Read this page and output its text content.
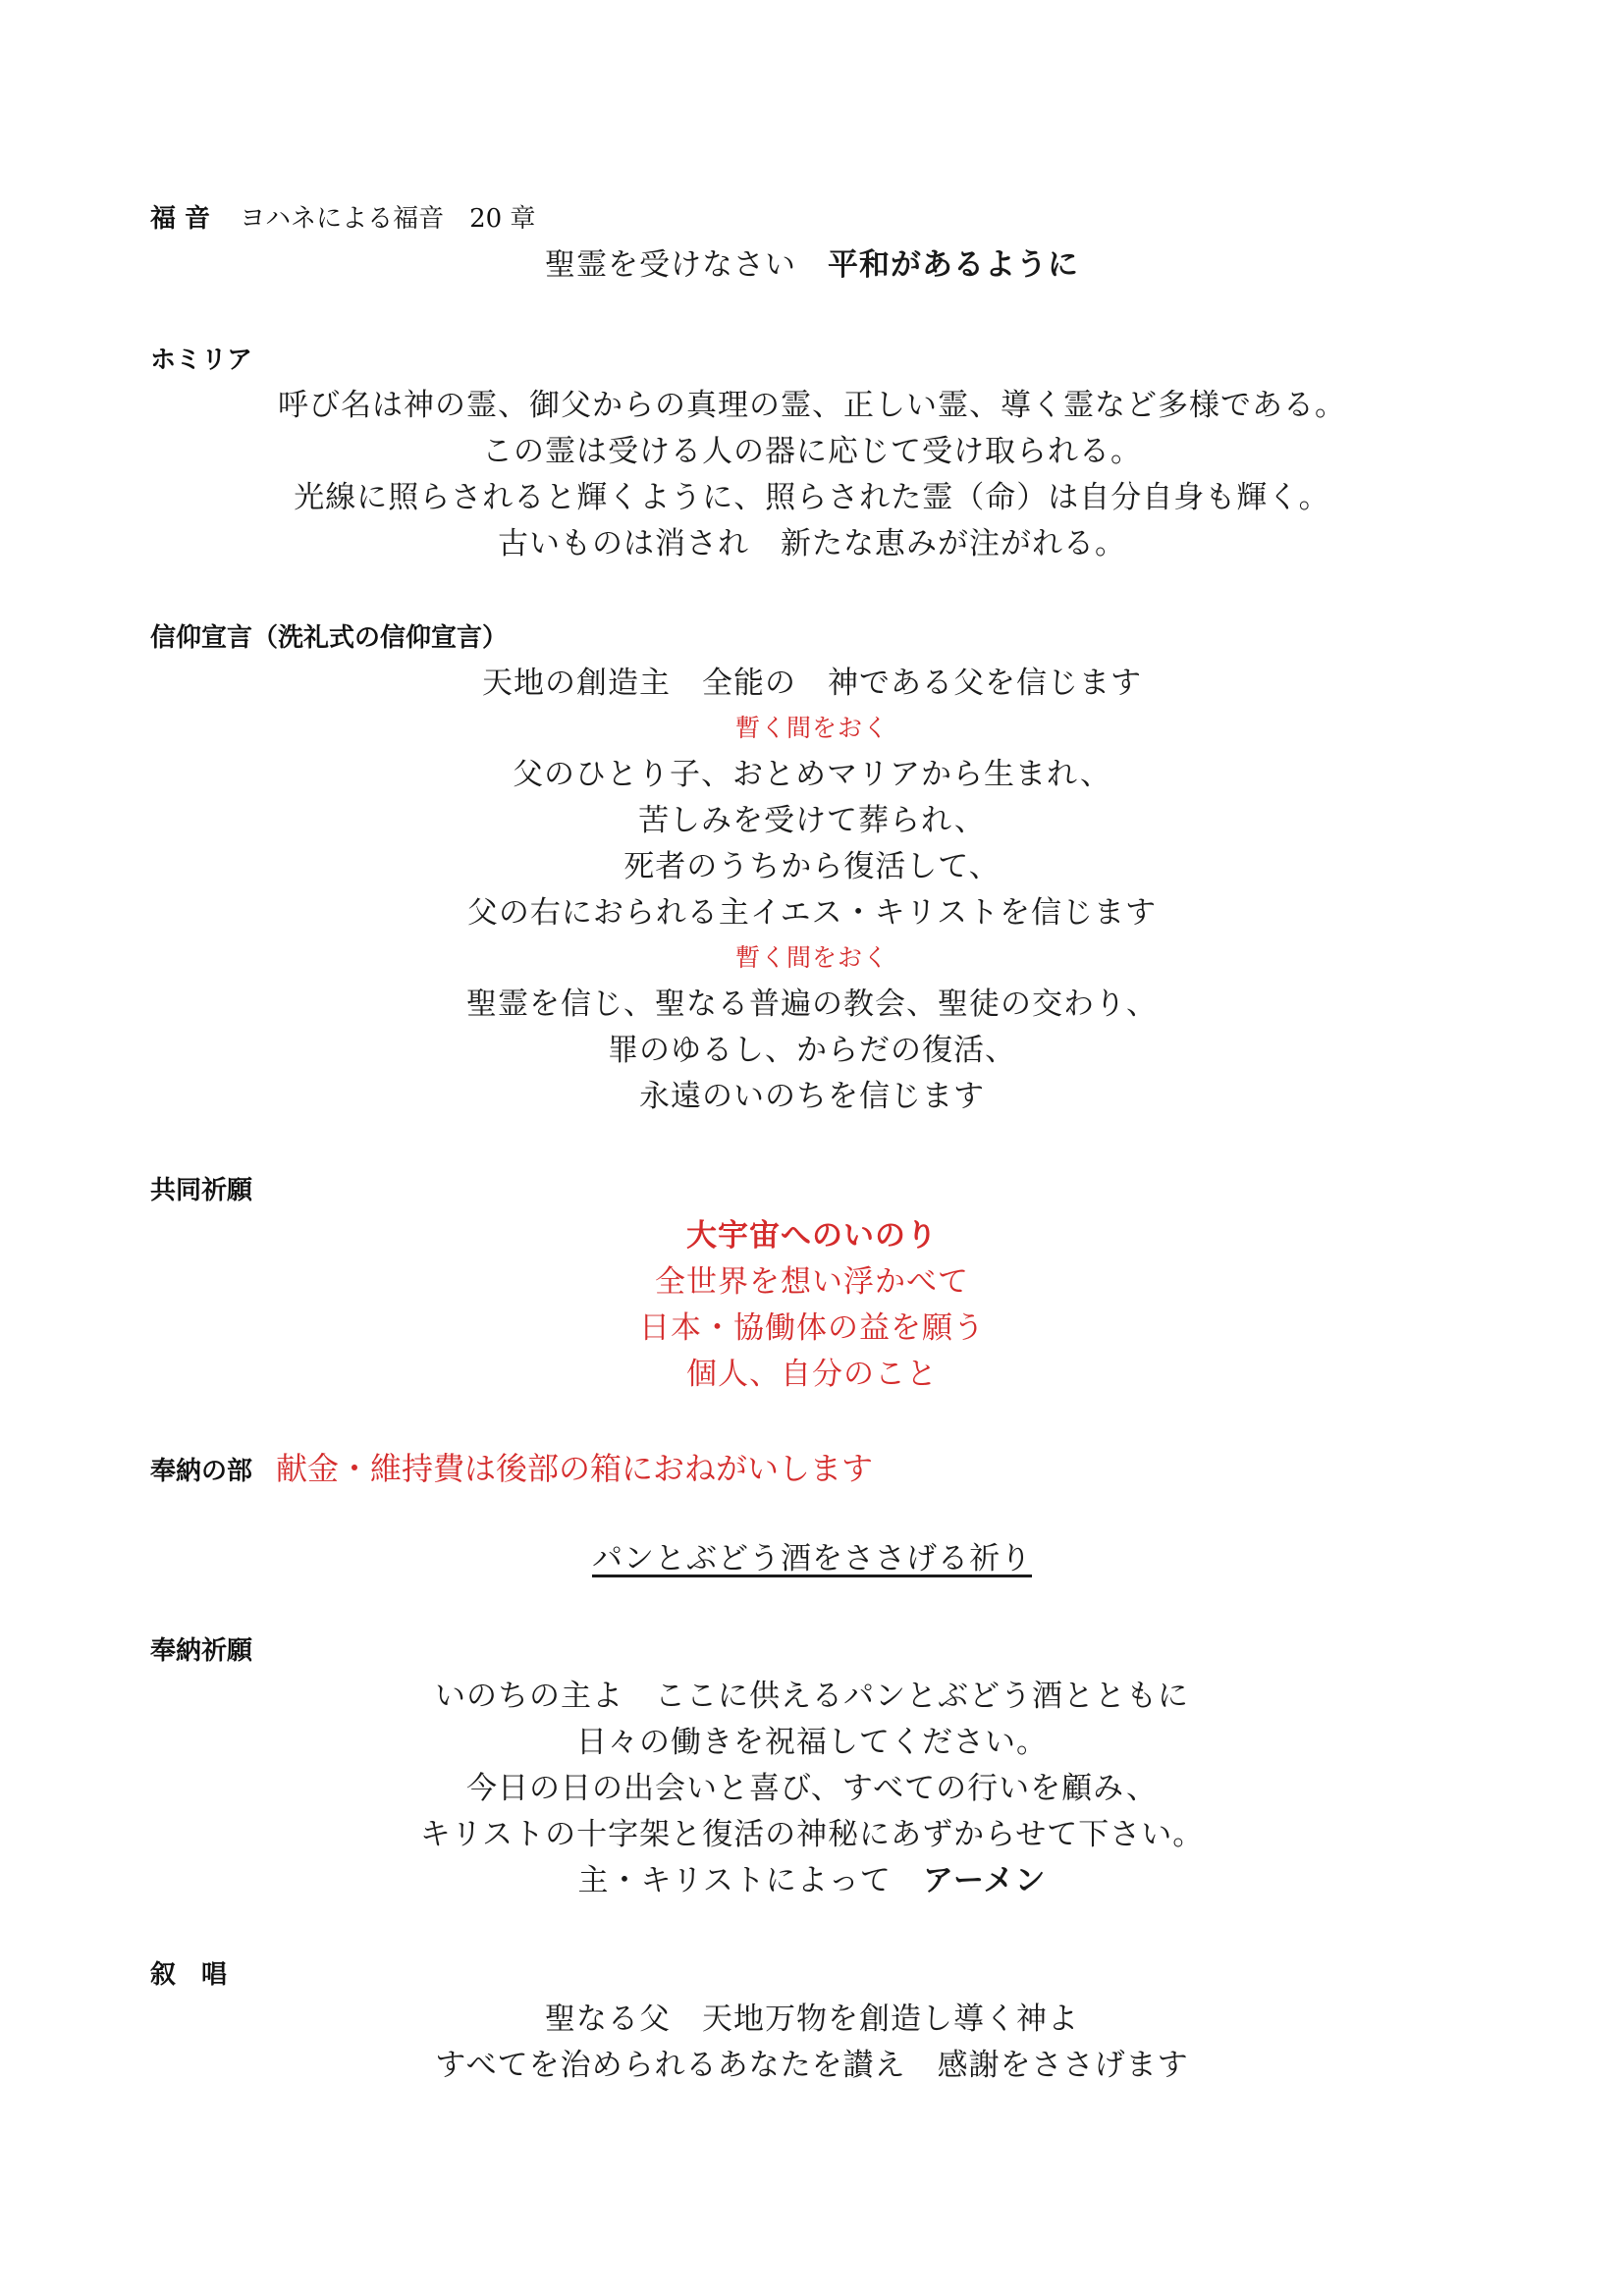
福 音 ヨハネによる福音　20 章
聖霊を受けなさい　平和があるように
ホミリア
呼び名は神の霊、御父からの真理の霊、正しい霊、導く霊など多様である。
この霊は受ける人の器に応じて受け取られる。
光線に照らされると輝くように、照らされた霊（命）は自分自身も輝く。
古いものは消され　新たな恵みが注がれる。
信仰宣言（洗礼式の信仰宣言）
天地の創造主　全能の　神である父を信じます
暫く間をおく
父のひとり子、おとめマリアから生まれ、
苦しみを受けて葬られ、
死者のうちから復活して、
父の右におられる主イエス・キリストを信じます
暫く間をおく
聖霊を信じ、聖なる普遍の教会、聖徒の交わり、
罪のゆるし、からだの復活、
永遠のいのちを信じます
共同祈願
大宇宙へのいのり
全世界を想い浮かべて
日本・協働体の益を願う
個人、自分のこと
奉納の部 献金・維持費は後部の箱におねがいします
パンとぶどう酒をささげる祈り
奉納祈願
いのちの主よ　ここに供えるパンとぶどう酒とともに
日々の働きを祝福してください。
今日の日の出会いと喜び、すべての行いを顧み、
キリストの十字架と復活の神秘にあずからせて下さい。
主・キリストによって　アーメン
叙　唱
聖なる父　天地万物を創造し導く神よ
すべてを治められるあなたを讃え　感謝をささげます
